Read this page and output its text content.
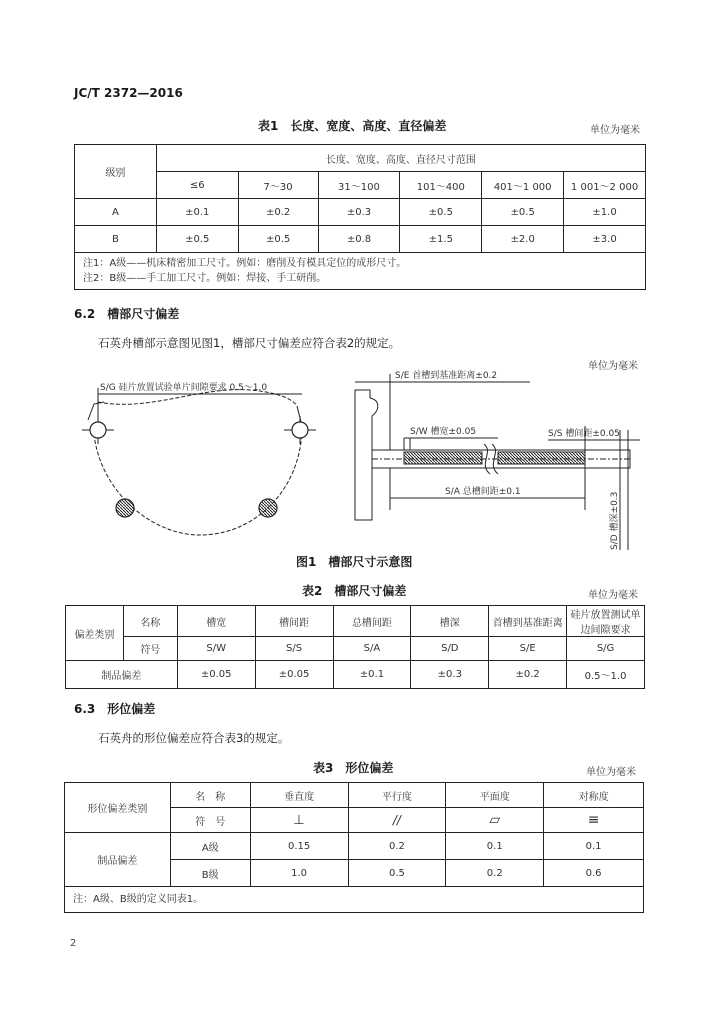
JC/T 2372—2016
表1　长度、宽度、高度、直径偏差	单位为毫米
级别	长度、宽度、高度、直径尺寸范围					
	≤6	7～30	31～100	101～400	401～1 000	1 001～2 000
A	±0.1	±0.2	±0.3	±0.5	±0.5	±1.0
B	±0.5	±0.5	±0.8	±1.5	±2.0	±3.0

注1：A级——机床精密加工尺寸。例如：磨削及有模具定位的成形尺寸。
注2：B级——手工加工尺寸。例如：焊接、手工研削。						
6.2　槽部尺寸偏差
石英舟槽部示意图见图1，槽部尺寸偏差应符合表2的规定。
单位为毫米
S/G 硅片放置试验单片间隙要求 0.5～1.0
S/E 首槽到基准距离±0.2
S/W 槽宽±0.05	S/S 槽间距±0.05
S/A 总槽间距±0.1	S/D 槽深±0.3
图1　槽部尺寸示意图
表2　槽部尺寸偏差	单位为毫米
偏差类别	名称	槽宽	槽间距	总槽间距	槽深	首槽到基准距离	硅片放置测试单边间隙要求
	符号	S/W	S/S	S/A	S/D	S/E	S/G
制品偏差		±0.05	±0.05	±0.1	±0.3	±0.2	0.5～1.0
6.3　形位偏差
石英舟的形位偏差应符合表3的规定。
表3　形位偏差	单位为毫米
形位偏差类别	名　称	垂直度	平行度	平面度	对称度
	符　号	⊥	//	▱	≡
制品偏差	A级	0.15	0.2	0.1	0.1
	B级	1.0	0.5	0.2	0.6
注：A级、B级的定义同表1。					
2
